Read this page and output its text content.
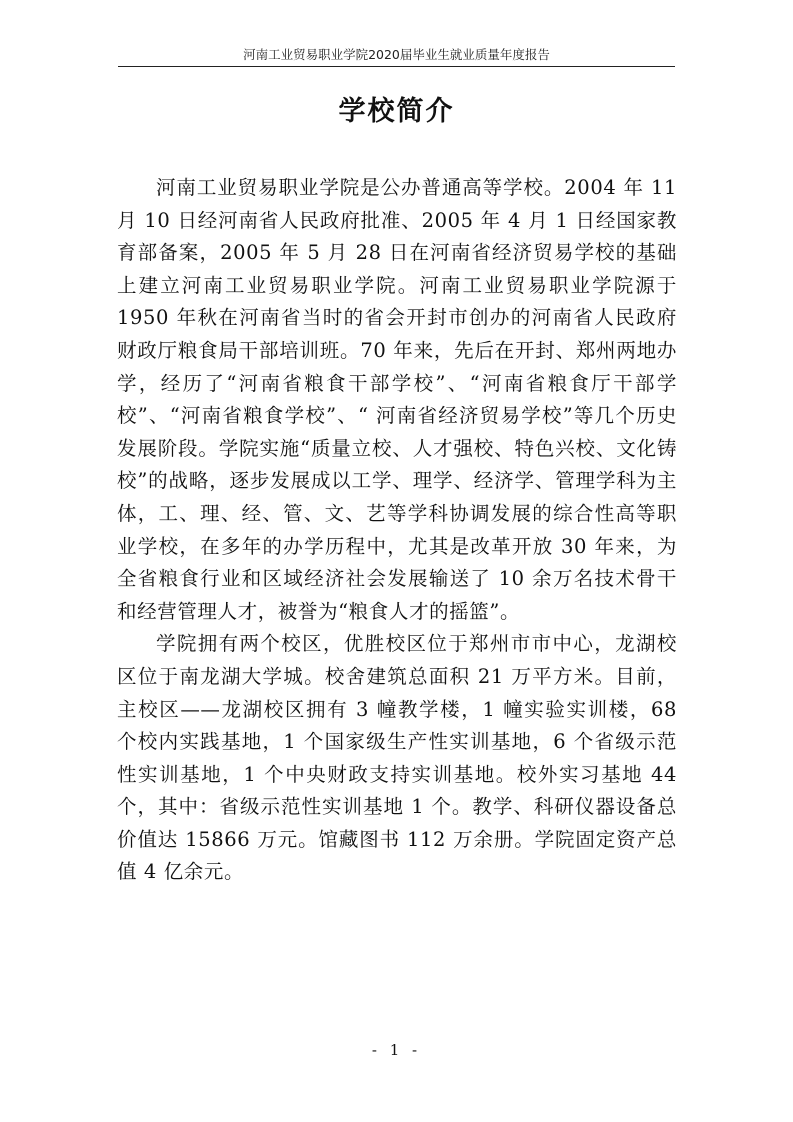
河南工业贸易职业学院2020届毕业生就业质量年度报告
学校简介

河南工业贸易职业学院是公办普通高等学校。2004 年 11 月 10 日经河南省人民政府批准、2005 年 4 月 1 日经国家教育部备案，2005 年 5 月 28 日在河南省经济贸易学校的基础上建立河南工业贸易职业学院。河南工业贸易职业学院源于 1950 年秋在河南省当时的省会开封市创办的河南省人民政府财政厅粮食局干部培训班。70 年来，先后在开封、郑州两地办学，经历了“河南省粮食干部学校”、“河南省粮食厅干部学校”、“河南省粮食学校”、“ 河南省经济贸易学校”等几个历史发展阶段。学院实施“质量立校、人才强校、特色兴校、文化铸校”的战略，逐步发展成以工学、理学、经济学、管理学科为主体，工、理、经、管、文、艺等学科协调发展的综合性高等职业学校，在多年的办学历程中，尤其是改革开放 30 年来，为全省粮食行业和区域经济社会发展输送了 10 余万名技术骨干和经营管理人才，被誉为“粮食人才的摇篮”。

学院拥有两个校区，优胜校区位于郑州市市中心，龙湖校区位于南龙湖大学城。校舍建筑总面积 21 万平方米。目前，主校区——龙湖校区拥有 3 幢教学楼，1 幢实验实训楼，68 个校内实践基地，1 个国家级生产性实训基地，6 个省级示范性实训基地，1 个中央财政支持实训基地。校外实习基地 44 个，其中：省级示范性实训基地 1 个。教学、科研仪器设备总价值达 15866 万元。馆藏图书 112 万余册。学院固定资产总值 4 亿余元。

- 1 -
